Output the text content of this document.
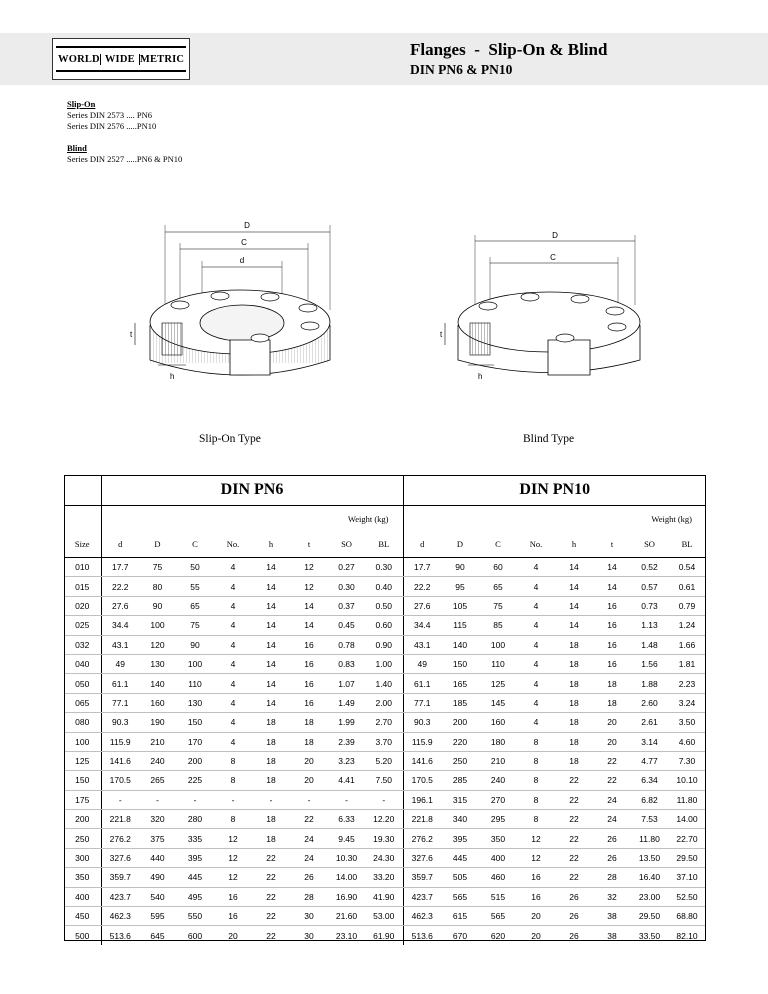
WORLD WIDE METRIC	Flanges  -  Slip-On & Blind
DIN PN6 & PN10
Slip-On
Series DIN 2573 .... PN6
Series DIN 2576 .....PN10
Blind
Series DIN 2527 .....PN6 & PN10
D
C
d
t
h
D
C
t
h
Slip-On Type	Blind Type
	DIN PN6								DIN PN10							
	Weight (kg)								Weight (kg)							
Size	d	D	C	No.	h	t	SO	BL	d	D	C	No.	h	t	SO	BL
010	17.7	75	50	4	14	12	0.27	0.30	17.7	90	60	4	14	14	0.52	0.54
015	22.2	80	55	4	14	12	0.30	0.40	22.2	95	65	4	14	14	0.57	0.61
020	27.6	90	65	4	14	14	0.37	0.50	27.6	105	75	4	14	16	0.73	0.79
025	34.4	100	75	4	14	14	0.45	0.60	34.4	115	85	4	14	16	1.13	1.24
032	43.1	120	90	4	14	16	0.78	0.90	43.1	140	100	4	18	16	1.48	1.66
040	49	130	100	4	14	16	0.83	1.00	49	150	110	4	18	16	1.56	1.81
050	61.1	140	110	4	14	16	1.07	1.40	61.1	165	125	4	18	18	1.88	2.23
065	77.1	160	130	4	14	16	1.49	2.00	77.1	185	145	4	18	18	2.60	3.24
080	90.3	190	150	4	18	18	1.99	2.70	90.3	200	160	4	18	20	2.61	3.50
100	115.9	210	170	4	18	18	2.39	3.70	115.9	220	180	8	18	20	3.14	4.60
125	141.6	240	200	8	18	20	3.23	5.20	141.6	250	210	8	18	22	4.77	7.30
150	170.5	265	225	8	18	20	4.41	7.50	170.5	285	240	8	22	22	6.34	10.10
175	-	-	-	-	-	-	-	-	196.1	315	270	8	22	24	6.82	11.80
200	221.8	320	280	8	18	22	6.33	12.20	221.8	340	295	8	22	24	7.53	14.00
250	276.2	375	335	12	18	24	9.45	19.30	276.2	395	350	12	22	26	11.80	22.70
300	327.6	440	395	12	22	24	10.30	24.30	327.6	445	400	12	22	26	13.50	29.50
350	359.7	490	445	12	22	26	14.00	33.20	359.7	505	460	16	22	28	16.40	37.10
400	423.7	540	495	16	22	28	16.90	41.90	423.7	565	515	16	26	32	23.00	52.50
450	462.3	595	550	16	22	30	21.60	53.00	462.3	615	565	20	26	38	29.50	68.80
500	513.6	645	600	20	22	30	23.10	61.90	513.6	670	620	20	26	38	33.50	82.10
